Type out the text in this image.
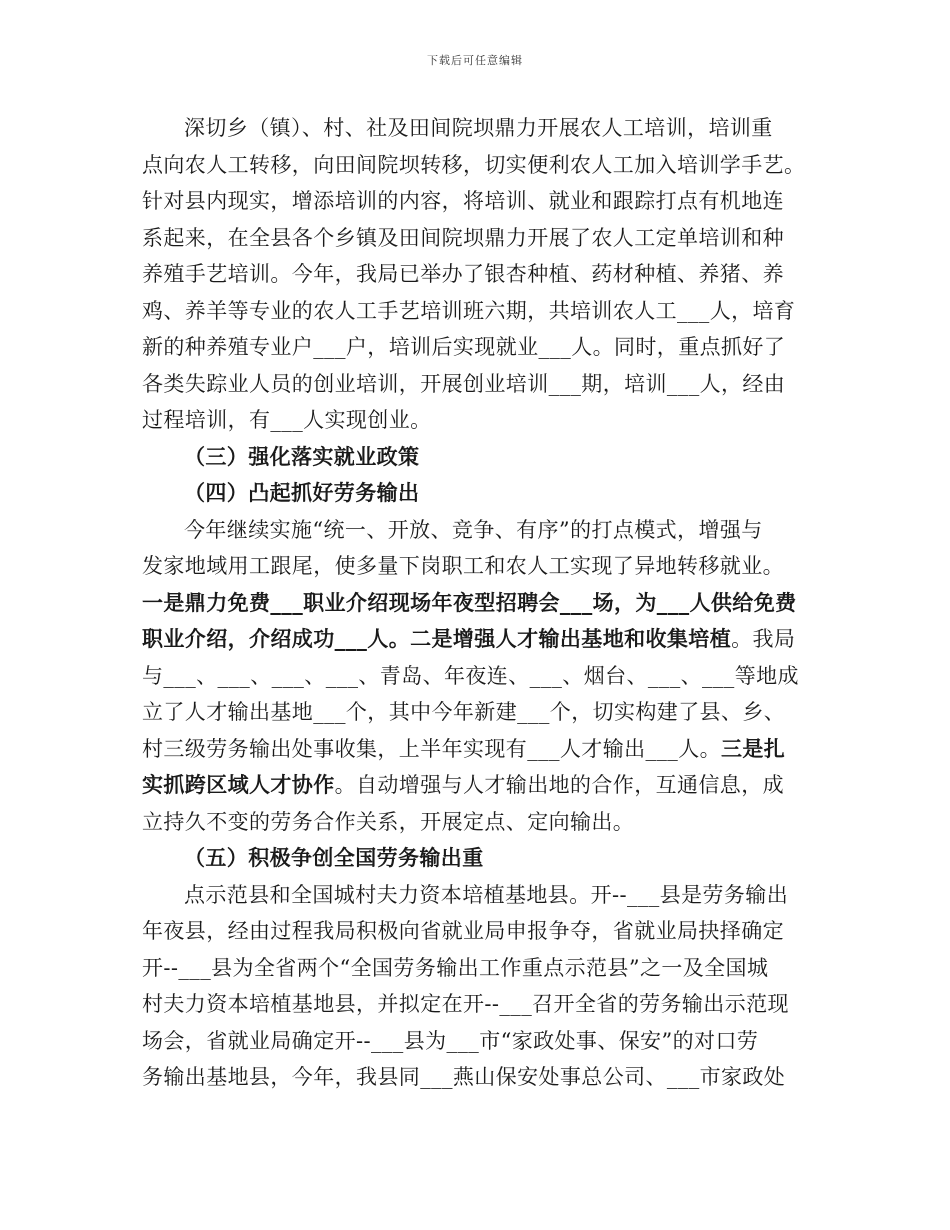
下载后可任意编辑
深切乡（镇）、村、社及田间院坝鼎力开展农人工培训，培训重
点向农人工转移，向田间院坝转移，切实便利农人工加入培训学手艺。
针对县内现实，增添培训的内容，将培训、就业和跟踪打点有机地连
系起来，在全县各个乡镇及田间院坝鼎力开展了农人工定单培训和种
养殖手艺培训。今年，我局已举办了银杏种植、药材种植、养猪、养
鸡、养羊等专业的农人工手艺培训班六期，共培训农人工___人，培育
新的种养殖专业户___户，培训后实现就业___人。同时，重点抓好了
各类失踪业人员的创业培训，开展创业培训___期，培训___人，经由
过程培训，有___人实现创业。
（三）强化落实就业政策
（四）凸起抓好劳务输出
今年继续实施“统一、开放、竞争、有序”的打点模式，增强与
发家地域用工跟尾，使多量下岗职工和农人工实现了异地转移就业。
一是鼎力免费___职业介绍现场年夜型招聘会___场，为___人供给免费
职业介绍，介绍成功___人。二是增强人才输出基地和收集培植。我局
与___、___、___、___、青岛、年夜连、___、烟台、___、___等地成
立了人才输出基地___个，其中今年新建___个，切实构建了县、乡、
村三级劳务输出处事收集，上半年实现有___人才输出___人。三是扎
实抓跨区域人才协作。自动增强与人才输出地的合作，互通信息，成
立持久不变的劳务合作关系，开展定点、定向输出。
（五）积极争创全国劳务输出重
点示范县和全国城村夫力资本培植基地县。开--___县是劳务输出
年夜县，经由过程我局积极向省就业局申报争夺，省就业局抉择确定
开--___县为全省两个“全国劳务输出工作重点示范县”之一及全国城
村夫力资本培植基地县，并拟定在开--___召开全省的劳务输出示范现
场会，省就业局确定开--___县为___市“家政处事、保安”的对口劳
务输出基地县，今年，我县同___燕山保安处事总公司、___市家政处
